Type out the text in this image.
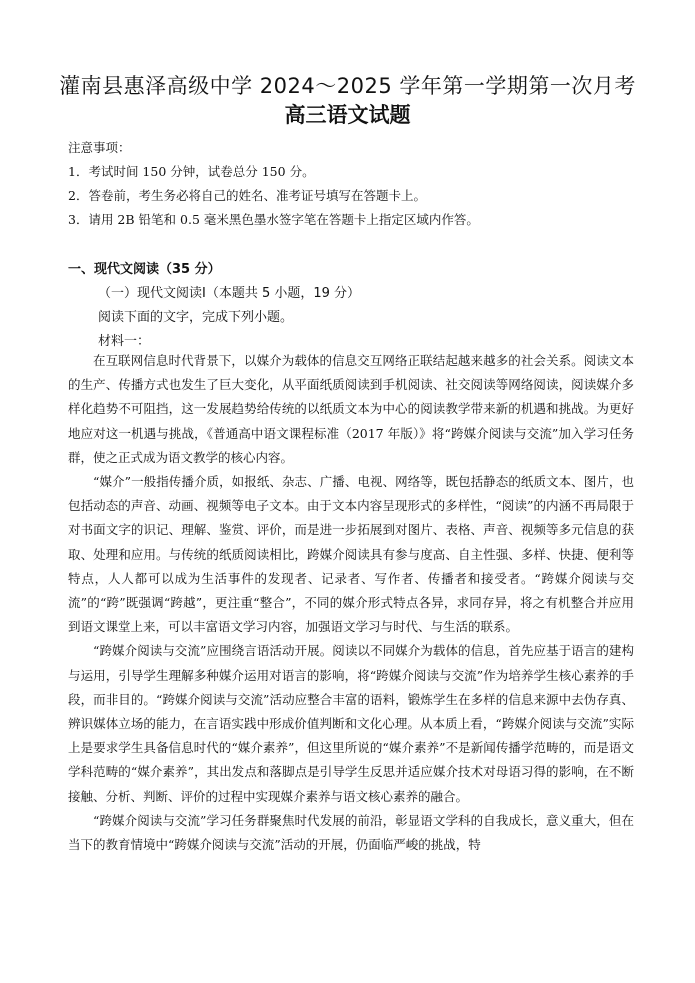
灌南县惠泽高级中学 2024～2025 学年第一学期第一次月考
高三语文试题
注意事项：
1．考试时间 150 分钟，试卷总分 150 分。
2．答卷前，考生务必将自己的姓名、准考证号填写在答题卡上。
3．请用 2B 铅笔和 0.5 毫米黑色墨水签字笔在答题卡上指定区域内作答。
一、现代文阅读（35 分）
（一）现代文阅读Ⅰ（本题共 5 小题，19 分）
阅读下面的文字，完成下列小题。
材料一：

在互联网信息时代背景下，以媒介为载体的信息交互网络正联结起越来越多的社会关系。阅读文本的生产、传播方式也发生了巨大变化，从平面纸质阅读到手机阅读、社交阅读等网络阅读，阅读媒介多样化趋势不可阻挡，这一发展趋势给传统的以纸质文本为中心的阅读教学带来新的机遇和挑战。为更好地应对这一机遇与挑战，《普通高中语文课程标准（2017 年版）》将“跨媒介阅读与交流”加入学习任务群，使之正式成为语文教学的核心内容。

“媒介”一般指传播介质，如报纸、杂志、广播、电视、网络等，既包括静态的纸质文本、图片，也包括动态的声音、动画、视频等电子文本。由于文本内容呈现形式的多样性，“阅读”的内涵不再局限于对书面文字的识记、理解、鉴赏、评价，而是进一步拓展到对图片、表格、声音、视频等多元信息的获取、处理和应用。与传统的纸质阅读相比，跨媒介阅读具有参与度高、自主性强、多样、快捷、便利等特点，人人都可以成为生活事件的发现者、记录者、写作者、传播者和接受者。“跨媒介阅读与交流”的“跨”既强调“跨越”，更注重“整合”，不同的媒介形式特点各异，求同存异，将之有机整合并应用到语文课堂上来，可以丰富语文学习内容，加强语文学习与时代、与生活的联系。

“跨媒介阅读与交流”应围绕言语活动开展。阅读以不同媒介为载体的信息，首先应基于语言的建构与运用，引导学生理解多种媒介运用对语言的影响，将“跨媒介阅读与交流”作为培养学生核心素养的手段，而非目的。“跨媒介阅读与交流”活动应整合丰富的语料，锻炼学生在多样的信息来源中去伪存真、辨识媒体立场的能力，在言语实践中形成价值判断和文化心理。从本质上看，“跨媒介阅读与交流”实际上是要求学生具备信息时代的“媒介素养”，但这里所说的“媒介素养”不是新闻传播学范畴的，而是语文学科范畴的“媒介素养”，其出发点和落脚点是引导学生反思并适应媒介技术对母语习得的影响，在不断接触、分析、判断、评价的过程中实现媒介素养与语文核心素养的融合。

“跨媒介阅读与交流”学习任务群聚焦时代发展的前沿，彰显语文学科的自我成长，意义重大，但在当下的教育情境中“跨媒介阅读与交流”活动的开展，仍面临严峻的挑战，特
